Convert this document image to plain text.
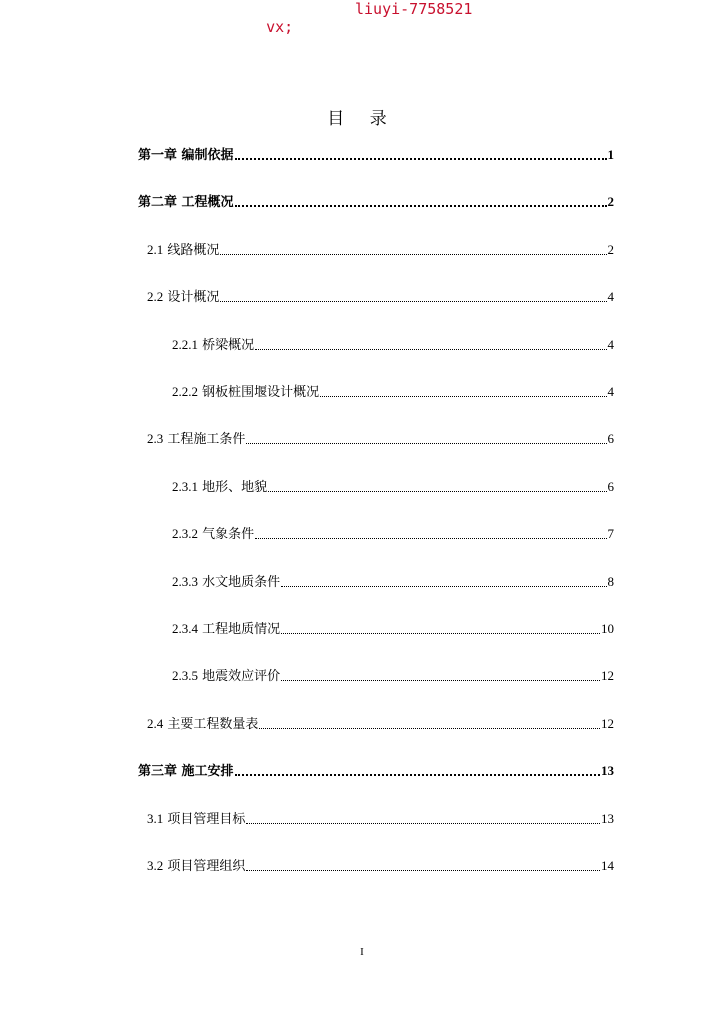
vx;

liuyi-7758521

目 录
第一章 编制依据	1
第二章 工程概况	2
2.1 线路概况	2
2.2 设计概况	4
2.2.1 桥梁概况	4
2.2.2 钢板桩围堰设计概况	4
2.3 工程施工条件	6
2.3.1 地形、地貌	6
2.3.2 气象条件	7
2.3.3 水文地质条件	8
2.3.4 工程地质情况	10
2.3.5 地震效应评价	12
2.4 主要工程数量表	12
第三章 施工安排	13
3.1 项目管理目标	13
3.2 项目管理组织	14
I
